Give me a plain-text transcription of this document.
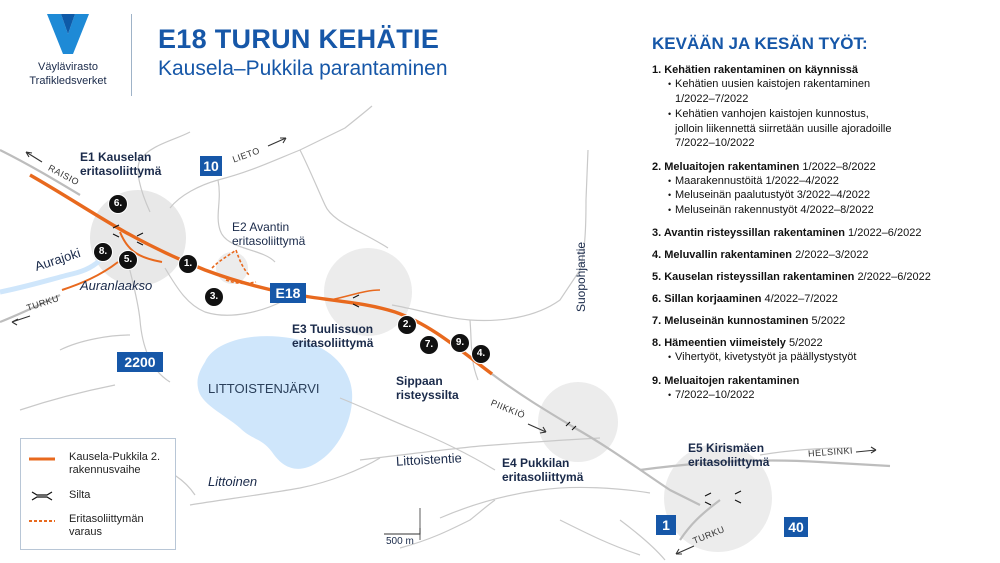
Väylävirasto
Trafikledsverket
E18 TURUN KEHÄTIE
Kausela–Pukkila parantaminen
KEVÄÄN JA KESÄN TYÖT:
1. Kehätien rakentaminen on käynnissä
• Kehätien uusien kaistojen rakentaminen
1/2022–7/2022
• Kehätien vanhojen kaistojen kunnostus,
jolloin liikennettä siirretään uusille ajoradoille
7/2022–10/2022
2. Meluaitojen rakentaminen 1/2022–8/2022
• Maarakennustöitä 1/2022–4/2022
• Meluseinän paalutustyöt 3/2022–4/2022
• Meluseinän rakennustyöt 4/2022–8/2022
3. Avantin risteyssillan rakentaminen 1/2022–6/2022
4. Meluvallin rakentaminen 2/2022–3/2022
5. Kauselan risteyssillan rakentaminen 2/2022–6/2022
6. Sillan korjaaminen 4/2022–7/2022
7. Meluseinän kunnostaminen 5/2022
8. Hämeentien viimeistely 5/2022
• Vihertyöt, kivetystyöt ja päällystystyöt
9. Meluaitojen rakentaminen
• 7/2022–10/2022
10
E18
2200
1	40
E1 Kauselan
eritasoliittymä
E2 Avantin
eritasoliittymä
E3 Tuulissuon
eritasoliittymä
E4 Pukkilan
eritasoliittymä
E5 Kirismäen
eritasoliittymä
Sippaan
risteyssilta
Aurajoki
Auranlaakso
LITTOISTENJÄRVI
Littoinen
Littoistentie
Suopohjantie
RAISIO
LIETO
TURKU
PIIKKIÖ
HELSINKI
TURKU
6.
8.
5.	1.
3.
2.
7.	9.
4.
500 m
Kausela-Pukkila 2. rakennusvaihe
Silta
Eritasoliittymän varaus
